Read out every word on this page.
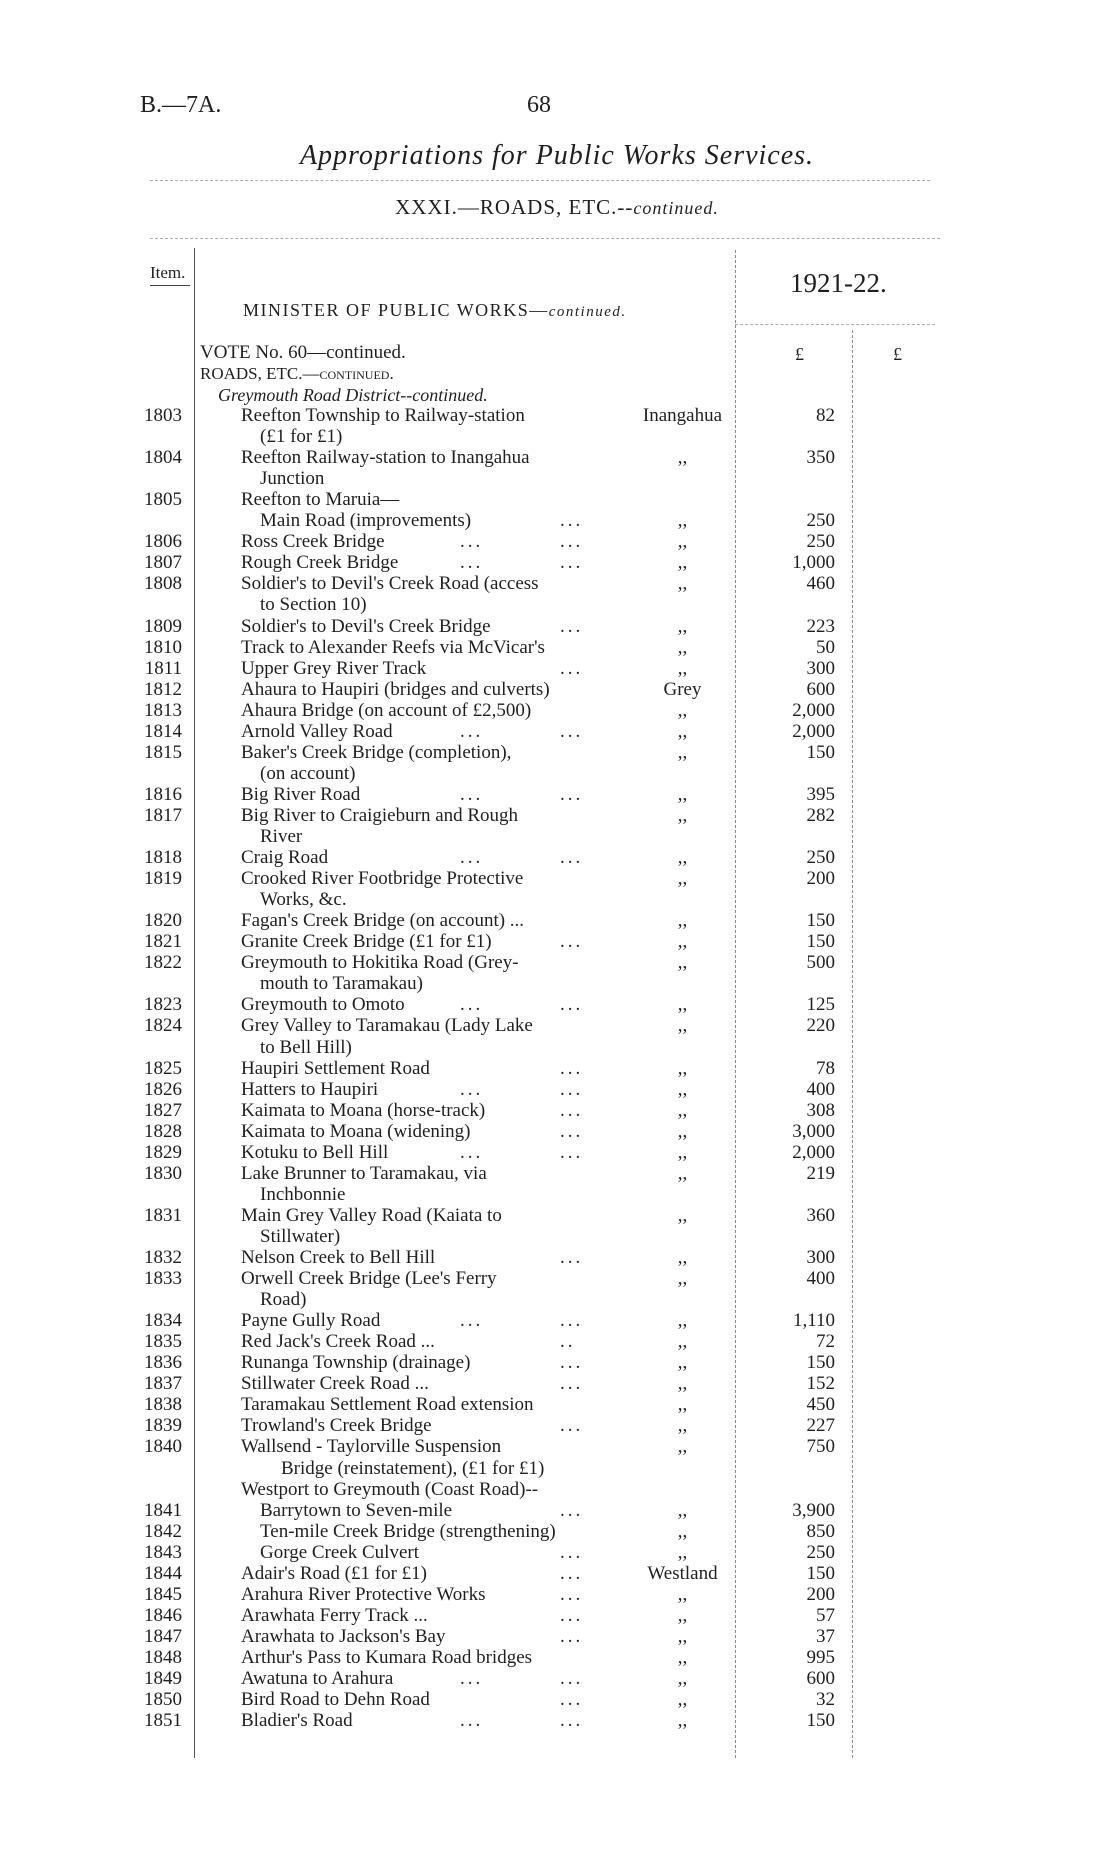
B.—7A.	68
Appropriations for Public Works Services.
XXXI.—ROADS, ETC.--continued.
Item.	1921-22.
MINISTER OF PUBLIC WORKS—continued.
VOTE No. 60—continued.
ROADS, ETC.—continued.
Greymouth Road District--continued.
£	£
1803	Reefton Township to Railway-station	Inangahua	82
(£1 for £1)
1804	Reefton Railway-station to Inangahua	,,	350
Junction
1805	Reefton to Maruia—
Main Road (improvements)	...	,,	250
1806	Ross Creek Bridge	...	...	,,	250
1807	Rough Creek Bridge	...	...	,,	1,000
1808	Soldier's to Devil's Creek Road (access	,,	460
to Section 10)
1809	Soldier's to Devil's Creek Bridge	...	,,	223
1810	Track to Alexander Reefs via McVicar's	,,	50
1811	Upper Grey River Track	...	,,	300
1812	Ahaura to Haupiri (bridges and culverts)	Grey	600
1813	Ahaura Bridge (on account of £2,500)	,,	2,000
1814	Arnold Valley Road	...	...	,,	2,000
1815	Baker's Creek Bridge (completion),	,,	150
(on account)
1816	Big River Road	...	...	,,	395
1817	Big River to Craigieburn and Rough	,,	282
River
1818	Craig Road	...	...	,,	250
1819	Crooked River Footbridge Protective	,,	200
Works, &c.
1820	Fagan's Creek Bridge (on account) ...	,,	150
1821	Granite Creek Bridge (£1 for £1)	...	,,	150
1822	Greymouth to Hokitika Road (Grey-	,,	500
mouth to Taramakau)
1823	Greymouth to Omoto	...	...	,,	125
1824	Grey Valley to Taramakau (Lady Lake	,,	220
to Bell Hill)
1825	Haupiri Settlement Road	...	,,	78
1826	Hatters to Haupiri	...	...	,,	400
1827	Kaimata to Moana (horse-track)	...	,,	308
1828	Kaimata to Moana (widening)	...	,,	3,000
1829	Kotuku to Bell Hill	...	...	,,	2,000
1830	Lake Brunner to Taramakau, via	,,	219
Inchbonnie
1831	Main Grey Valley Road (Kaiata to	,,	360
Stillwater)
1832	Nelson Creek to Bell Hill	...	,,	300
1833	Orwell Creek Bridge (Lee's Ferry	,,	400
Road)
1834	Payne Gully Road	...	...	,,	1,110
1835	Red Jack's Creek Road ...	..	,,	72
1836	Runanga Township (drainage)	...	,,	150
1837	Stillwater Creek Road ...	...	,,	152
1838	Taramakau Settlement Road extension	,,	450
1839	Trowland's Creek Bridge	...	,,	227
1840	Wallsend - Taylorville Suspension	,,	750
Bridge (reinstatement), (£1 for £1)
Westport to Greymouth (Coast Road)--
1841	Barrytown to Seven-mile	...	,,	3,900
1842	Ten-mile Creek Bridge (strengthening)	,,	850
1843	Gorge Creek Culvert	...	,,	250
1844	Adair's Road (£1 for £1)	...	Westland	150
1845	Arahura River Protective Works	...	,,	200
1846	Arawhata Ferry Track ...	...	,,	57
1847	Arawhata to Jackson's Bay	...	,,	37
1848	Arthur's Pass to Kumara Road bridges	,,	995
1849	Awatuna to Arahura	...	...	,,	600
1850	Bird Road to Dehn Road	...	,,	32
1851	Bladier's Road	...	...	,,	150
